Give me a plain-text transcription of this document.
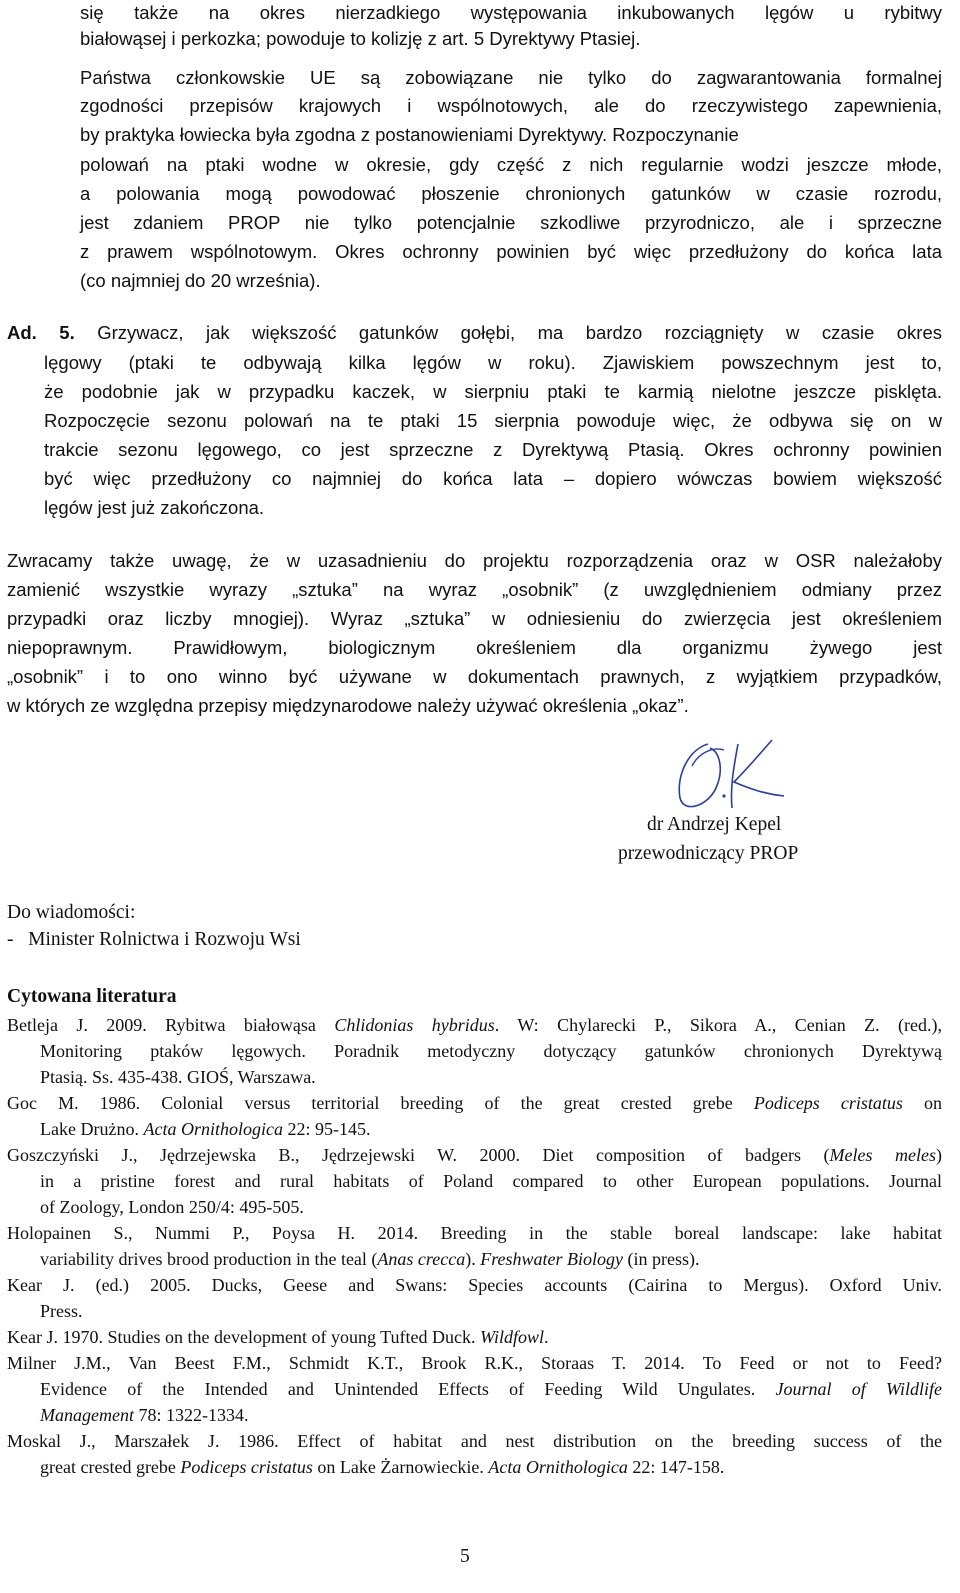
się także na okres nierzadkiego występowania inkubowanych lęgów u rybitwy
białowąsej i perkozka; powoduje to kolizję z art. 5 Dyrektywy Ptasiej.
Państwa członkowskie UE są zobowiązane nie tylko do zagwarantowania formalnej
zgodności przepisów krajowych i wspólnotowych, ale do rzeczywistego zapewnienia,
by praktyka łowiecka była zgodna z postanowieniami Dyrektywy. Rozpoczynanie
polowań na ptaki wodne w okresie, gdy część z nich regularnie wodzi jeszcze młode,
a polowania mogą powodować płoszenie chronionych gatunków w czasie rozrodu,
jest zdaniem PROP nie tylko potencjalnie szkodliwe przyrodniczo, ale i sprzeczne
z prawem wspólnotowym. Okres ochronny powinien być więc przedłużony do końca lata
(co najmniej do 20 września).
Ad. 5. Grzywacz, jak większość gatunków gołębi, ma bardzo rozciągnięty w czasie okres
lęgowy (ptaki te odbywają kilka lęgów w roku). Zjawiskiem powszechnym jest to,
że podobnie jak w przypadku kaczek, w sierpniu ptaki te karmią nielotne jeszcze pisklęta.
Rozpoczęcie sezonu polowań na te ptaki 15 sierpnia powoduje więc, że odbywa się on w
trakcie sezonu lęgowego, co jest sprzeczne z Dyrektywą Ptasią. Okres ochronny powinien
być więc przedłużony co najmniej do końca lata – dopiero wówczas bowiem większość
lęgów jest już zakończona.
Zwracamy także uwagę, że w uzasadnieniu do projektu rozporządzenia oraz w OSR należałoby
zamienić wszystkie wyrazy „sztuka” na wyraz „osobnik” (z uwzględnieniem odmiany przez
przypadki oraz liczby mnogiej). Wyraz „sztuka” w odniesieniu do zwierzęcia jest określeniem
niepoprawnym. Prawidłowym, biologicznym określeniem dla organizmu żywego jest
„osobnik” i to ono winno być używane w dokumentach prawnych, z wyjątkiem przypadków,
w których ze względna przepisy międzynarodowe należy używać określenia „okaz”.
dr Andrzej Kepel
przewodniczący PROP
Do wiadomości:
-   Minister Rolnictwa i Rozwoju Wsi
Cytowana literatura
Betleja J. 2009. Rybitwa białowąsa Chlidonias hybridus. W: Chylarecki P., Sikora A., Cenian Z. (red.),
Monitoring ptaków lęgowych. Poradnik metodyczny dotyczący gatunków chronionych Dyrektywą
Ptasią. Ss. 435-438. GIOŚ, Warszawa.
Goc M. 1986. Colonial versus territorial breeding of the great crested grebe Podiceps cristatus on
Lake Drużno. Acta Ornithologica 22: 95-145.
Goszczyński J., Jędrzejewska B., Jędrzejewski W. 2000. Diet composition of badgers (Meles meles)
in a pristine forest and rural habitats of Poland compared to other European populations. Journal
of Zoology, London 250/4: 495-505.
Holopainen S., Nummi P., Poysa H. 2014. Breeding in the stable boreal landscape: lake habitat
variability drives brood production in the teal (Anas crecca). Freshwater Biology (in press).
Kear J. (ed.) 2005. Ducks, Geese and Swans: Species accounts (Cairina to Mergus). Oxford Univ.
Press.
Kear J. 1970. Studies on the development of young Tufted Duck. Wildfowl.
Milner J.M., Van Beest F.M., Schmidt K.T., Brook R.K., Storaas T. 2014. To Feed or not to Feed?
Evidence of the Intended and Unintended Effects of Feeding Wild Ungulates. Journal of Wildlife
Management 78: 1322-1334.
Moskal J., Marszałek J. 1986. Effect of habitat and nest distribution on the breeding success of the
great crested grebe Podiceps cristatus on Lake Żarnowieckie. Acta Ornithologica 22: 147-158.
5
